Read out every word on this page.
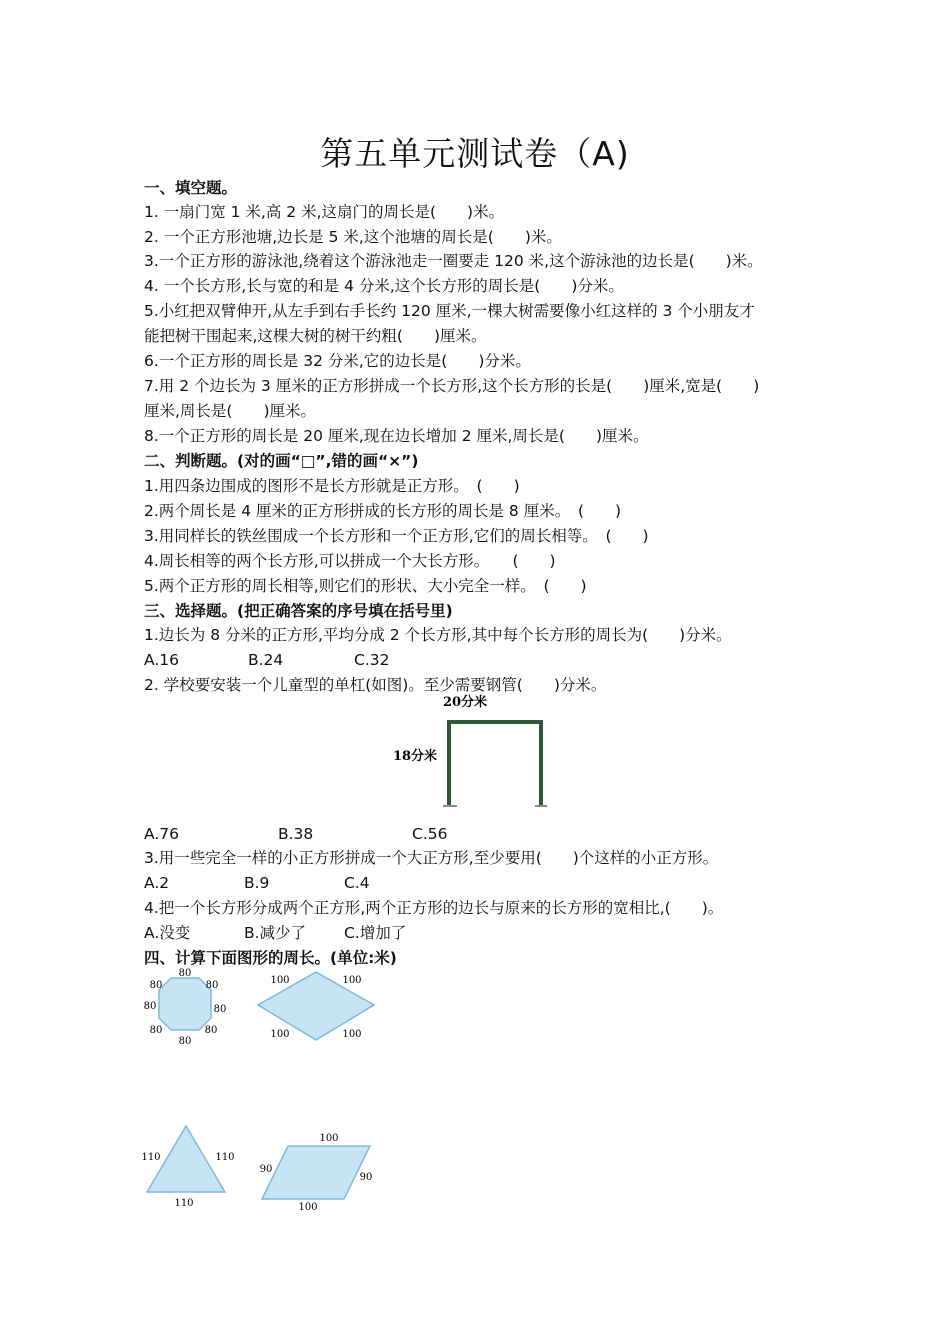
第五单元测试卷（A)
一、填空题。
1. 一扇门宽 1 米,高 2 米,这扇门的周长是(　　)米。
2. 一个正方形池塘,边长是 5 米,这个池塘的周长是(　　)米。
3.一个正方形的游泳池,绕着这个游泳池走一圈要走 120 米,这个游泳池的边长是(　　)米。
4. 一个长方形,长与宽的和是 4 分米,这个长方形的周长是(　　)分米。
5.小红把双臂伸开,从左手到右手长约 120 厘米,一棵大树需要像小红这样的 3 个小朋友才
能把树干围起来,这棵大树的树干约粗(　　)厘米。
6.一个正方形的周长是 32 分米,它的边长是(　　)分米。
7.用 2 个边长为 3 厘米的正方形拼成一个长方形,这个长方形的长是(　　)厘米,宽是(　　)
厘米,周长是(　　)厘米。
8.一个正方形的周长是 20 厘米,现在边长增加 2 厘米,周长是(　　)厘米。
二、判断题。(对的画“□”,错的画“×”)
1.用四条边围成的图形不是长方形就是正方形。　(　　)
2.两个周长是 4 厘米的正方形拼成的长方形的周长是 8 厘米。　(　　)
3.用同样长的铁丝围成一个长方形和一个正方形,它们的周长相等。　(　　)
4.周长相等的两个长方形,可以拼成一个大长方形。　　(　　)
5.两个正方形的周长相等,则它们的形状、大小完全一样。　(　　)
三、选择题。(把正确答案的序号填在括号里)
1.边长为 8 分米的正方形,平均分成 2 个长方形,其中每个长方形的周长为(　　)分米。
A.16	B.24	C.32
2. 学校要安装一个儿童型的单杠(如图)。至少需要钢管(　　)分米。
20分米
18分米
A.76	B.38	C.56
3.用一些完全一样的小正方形拼成一个大正方形,至少要用(　　)个这样的小正方形。
A.2	B.9	C.4
4.把一个长方形分成两个正方形,两个正方形的边长与原来的长方形的宽相比,(　　)。
A.没变	B.减少了 C.增加了
四、计算下面图形的周长。(单位:米)
80
80	80
80	80
80	80
80
100	100
100	100
110	110
110
100
90
90
100
